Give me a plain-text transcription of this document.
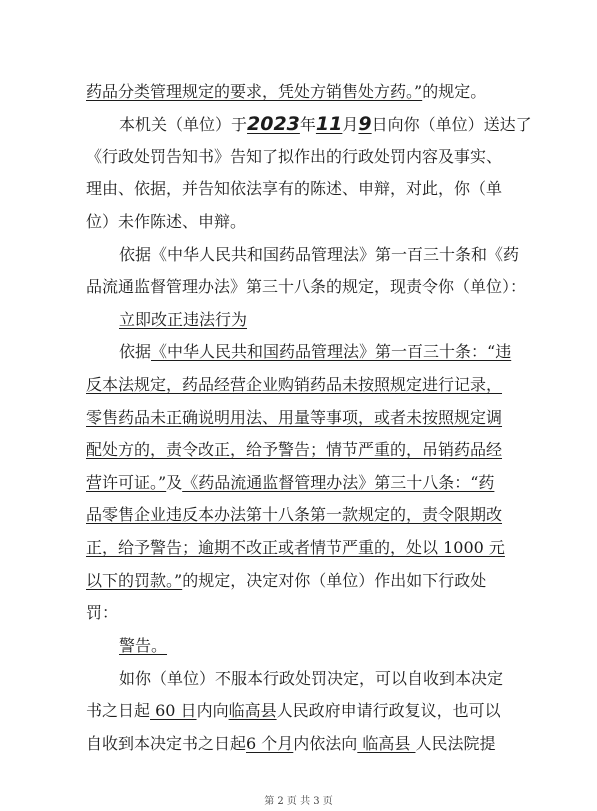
药品分类管理规定的要求，凭处方销售处方药。”的规定。
本机关（单位）于2023年11月9日向你（单位）送达了
《行政处罚告知书》告知了拟作出的行政处罚内容及事实、
理由、依据，并告知依法享有的陈述、申辩，对此，你（单
位）未作陈述、申辩。
依据《中华人民共和国药品管理法》第一百三十条和《药
品流通监督管理办法》第三十八条的规定，现责令你（单位）：
立即改正违法行为
依据《中华人民共和国药品管理法》第一百三十条：“违
反本法规定，药品经营企业购销药品未按照规定进行记录，
零售药品未正确说明用法、用量等事项，或者未按照规定调
配处方的，责令改正，给予警告；情节严重的，吊销药品经
营许可证。”及《药品流通监督管理办法》第三十八条：“药
品零售企业违反本办法第十八条第一款规定的，责令限期改
正，给予警告；逾期不改正或者情节严重的，处以 1000 元
以下的罚款。”的规定，决定对你（单位）作出如下行政处
罚：
警告。
如你（单位）不服本行政处罚决定，可以自收到本决定
书之日起 60 日内向临高县人民政府申请行政复议，也可以
自收到本决定书之日起6 个月内依法向 临高县 人民法院提
第 2 页 共 3 页
